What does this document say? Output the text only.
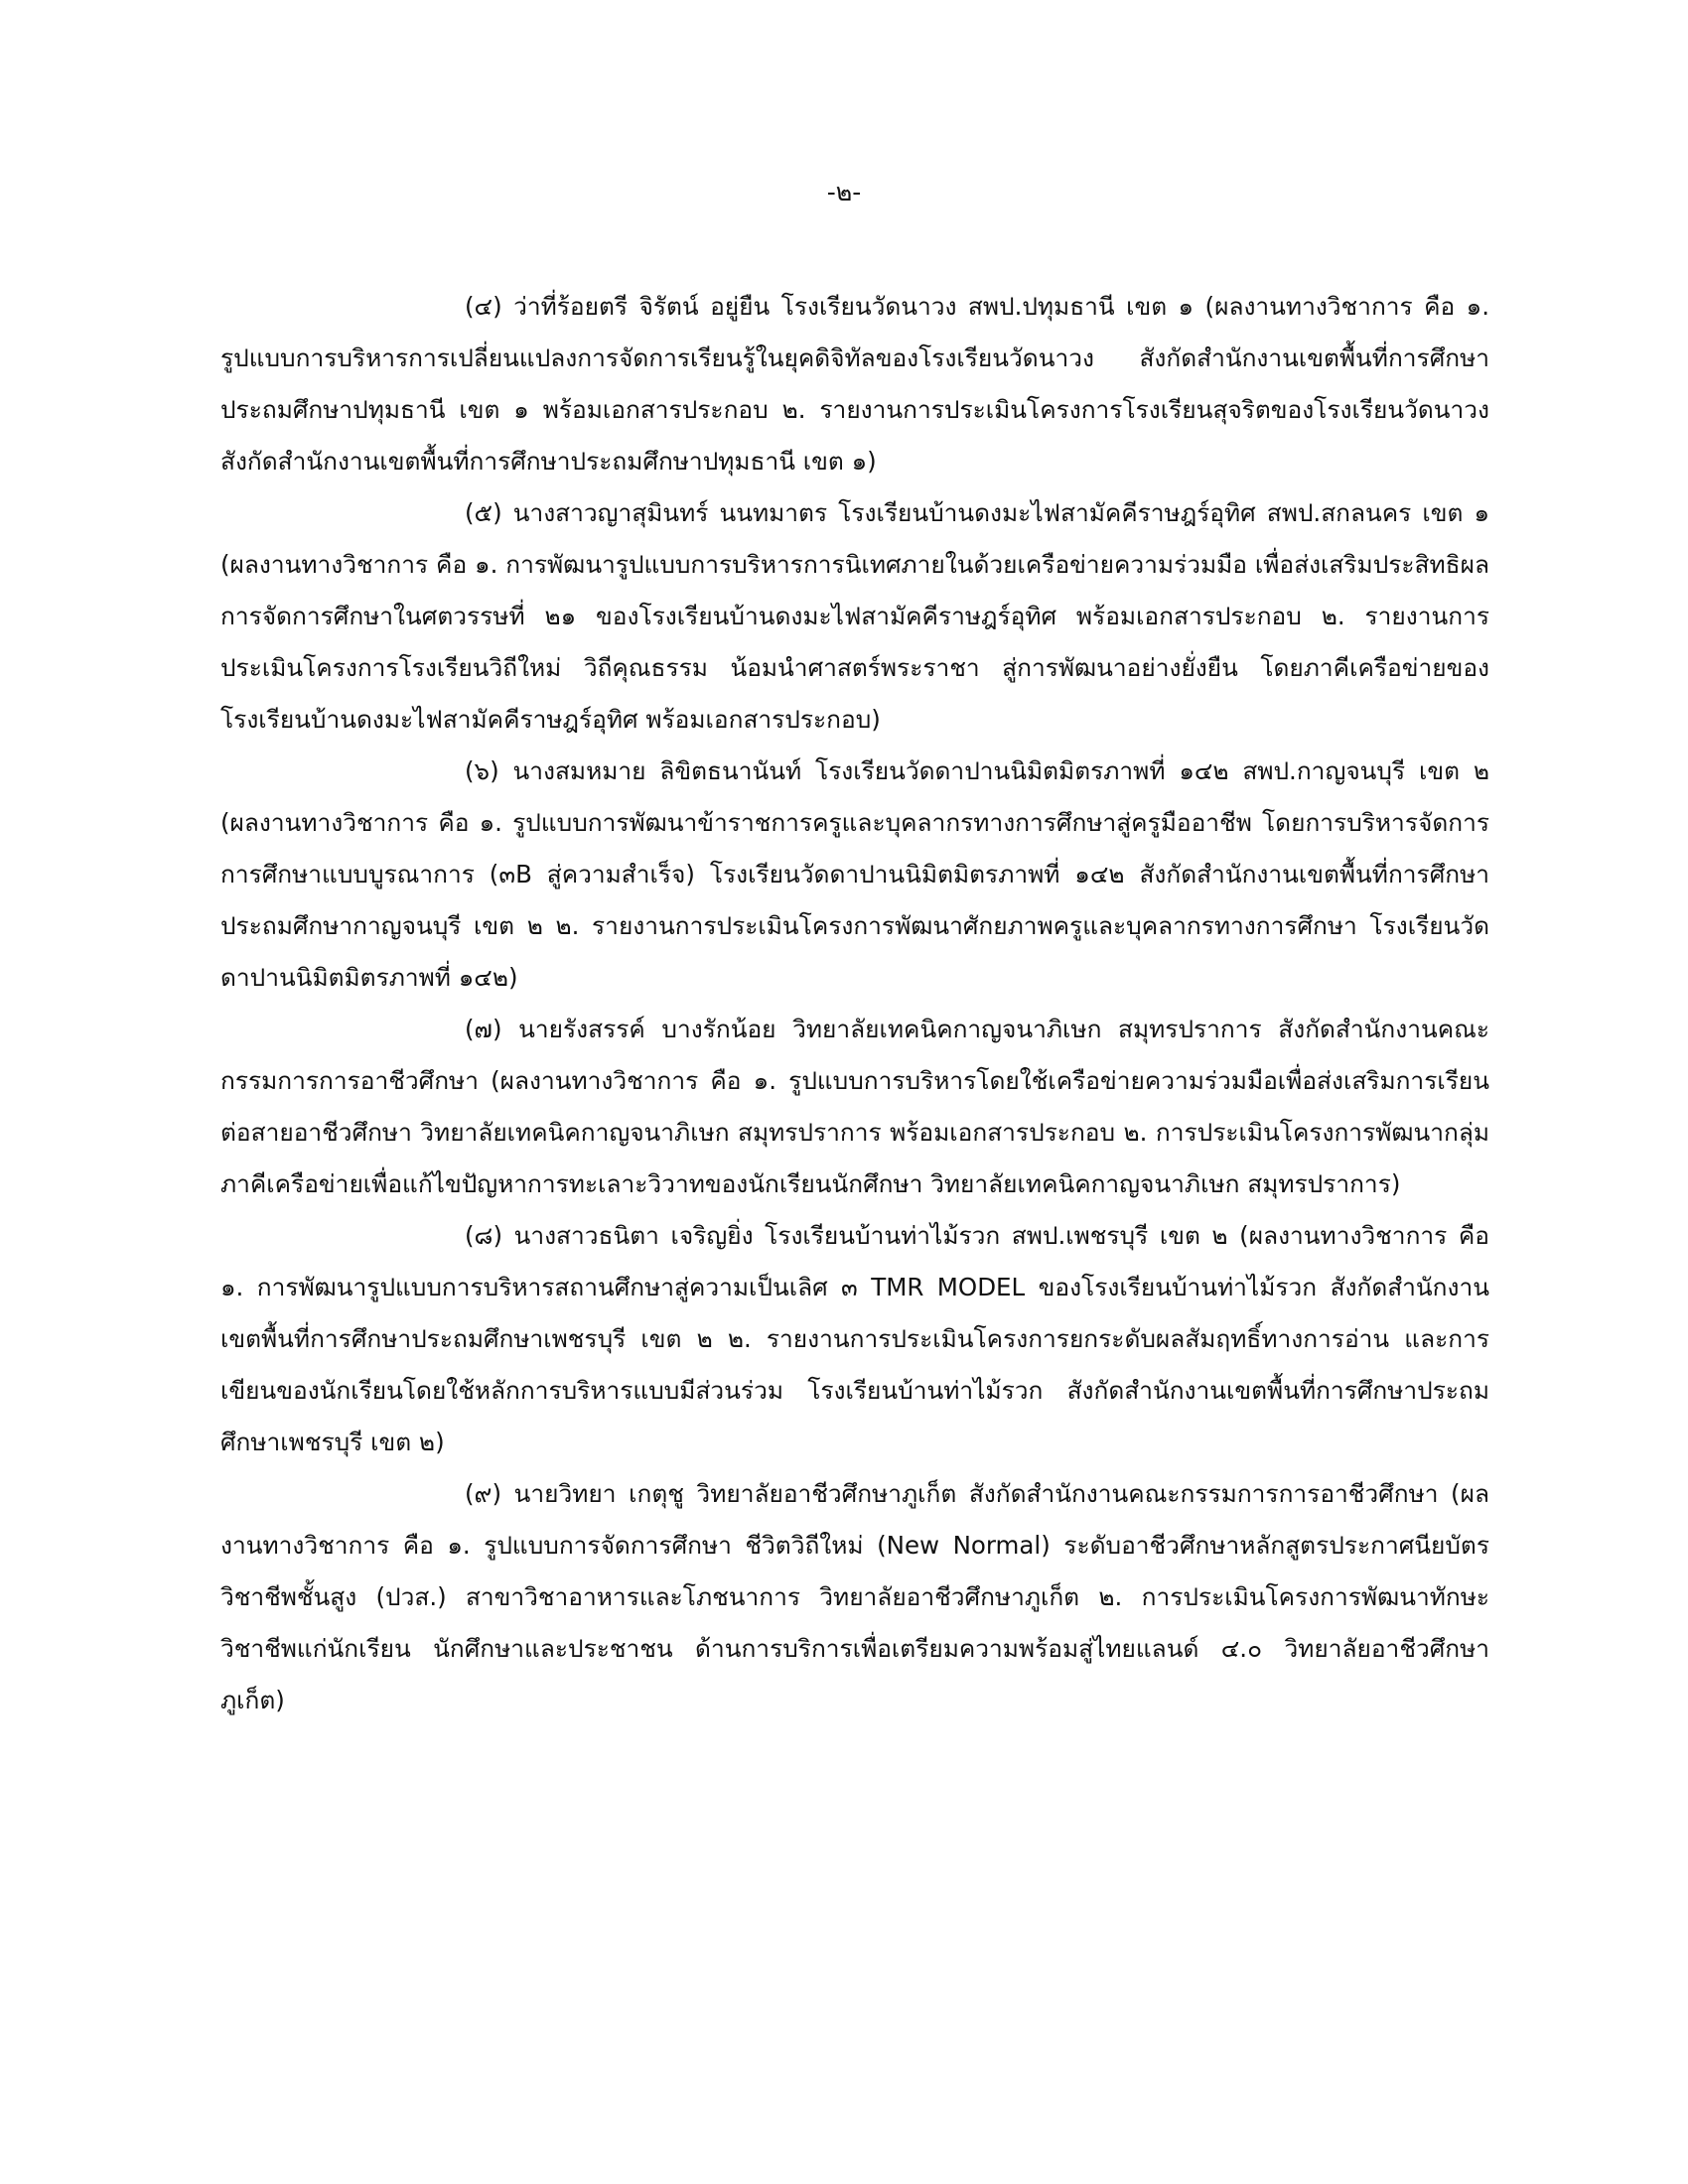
-๒-

(๔) ว่าที่ร้อยตรี จิรัตน์ อยู่ยืน โรงเรียนวัดนาวง สพป.ปทุมธานี เขต ๑ (ผลงานทางวิชาการ คือ ๑. รูปแบบการบริหารการเปลี่ยนแปลงการจัดการเรียนรู้ในยุคดิจิทัลของโรงเรียนวัดนาวง สังกัดสำนักงานเขตพื้นที่การศึกษาประถมศึกษาปทุมธานี เขต ๑ พร้อมเอกสารประกอบ ๒. รายงานการประเมินโครงการโรงเรียนสุจริตของโรงเรียนวัดนาวง สังกัดสำนักงานเขตพื้นที่การศึกษาประถมศึกษาปทุมธานี เขต ๑)

(๕) นางสาวญาสุมินทร์ นนทมาตร โรงเรียนบ้านดงมะไฟสามัคคีราษฎร์อุทิศ สพป.สกลนคร เขต ๑ (ผลงานทางวิชาการ คือ ๑. การพัฒนารูปแบบการบริหารการนิเทศภายในด้วยเครือข่ายความร่วมมือ เพื่อส่งเสริมประสิทธิผลการจัดการศึกษาในศตวรรษที่ ๒๑ ของโรงเรียนบ้านดงมะไฟสามัคคีราษฎร์อุทิศ พร้อมเอกสารประกอบ ๒. รายงานการประเมินโครงการโรงเรียนวิถีใหม่ วิถีคุณธรรม น้อมนำศาสตร์พระราชา สู่การพัฒนาอย่างยั่งยืน โดยภาคีเครือข่ายของโรงเรียนบ้านดงมะไฟสามัคคีราษฎร์อุทิศ พร้อมเอกสารประกอบ)

(๖) นางสมหมาย ลิขิตธนานันท์ โรงเรียนวัดดาปานนิมิตมิตรภาพที่ ๑๔๒ สพป.กาญจนบุรี เขต ๒ (ผลงานทางวิชาการ คือ ๑. รูปแบบการพัฒนาข้าราชการครูและบุคลากรทางการศึกษาสู่ครูมืออาชีพ โดยการบริหารจัดการการศึกษาแบบบูรณาการ (๓B สู่ความสำเร็จ) โรงเรียนวัดดาปานนิมิตมิตรภาพที่ ๑๔๒ สังกัดสำนักงานเขตพื้นที่การศึกษาประถมศึกษากาญจนบุรี เขต ๒ ๒. รายงานการประเมินโครงการพัฒนาศักยภาพครูและบุคลากรทางการศึกษา โรงเรียนวัดดาปานนิมิตมิตรภาพที่ ๑๔๒)

(๗) นายรังสรรค์ บางรักน้อย วิทยาลัยเทคนิคกาญจนาภิเษก สมุทรปราการ สังกัดสำนักงานคณะกรรมการการอาชีวศึกษา (ผลงานทางวิชาการ คือ ๑. รูปแบบการบริหารโดยใช้เครือข่ายความร่วมมือเพื่อส่งเสริมการเรียนต่อสายอาชีวศึกษา วิทยาลัยเทคนิคกาญจนาภิเษก สมุทรปราการ พร้อมเอกสารประกอบ ๒. การประเมินโครงการพัฒนากลุ่มภาคีเครือข่ายเพื่อแก้ไขปัญหาการทะเลาะวิวาทของนักเรียนนักศึกษา วิทยาลัยเทคนิคกาญจนาภิเษก สมุทรปราการ)

(๘) นางสาวธนิตา เจริญยิ่ง โรงเรียนบ้านท่าไม้รวก สพป.เพชรบุรี เขต ๒ (ผลงานทางวิชาการ คือ ๑. การพัฒนารูปแบบการบริหารสถานศึกษาสู่ความเป็นเลิศ ๓ TMR MODEL ของโรงเรียนบ้านท่าไม้รวก สังกัดสำนักงานเขตพื้นที่การศึกษาประถมศึกษาเพชรบุรี เขต ๒ ๒. รายงานการประเมินโครงการยกระดับผลสัมฤทธิ์ทางการอ่าน และการเขียนของนักเรียนโดยใช้หลักการบริหารแบบมีส่วนร่วม โรงเรียนบ้านท่าไม้รวก สังกัดสำนักงานเขตพื้นที่การศึกษาประถมศึกษาเพชรบุรี เขต ๒)

(๙) นายวิทยา เกตุชู วิทยาลัยอาชีวศึกษาภูเก็ต สังกัดสำนักงานคณะกรรมการการอาชีวศึกษา (ผลงานทางวิชาการ คือ ๑. รูปแบบการจัดการศึกษา ชีวิตวิถีใหม่ (New Normal) ระดับอาชีวศึกษาหลักสูตรประกาศนียบัตรวิชาชีพชั้นสูง (ปวส.) สาขาวิชาอาหารและโภชนาการ วิทยาลัยอาชีวศึกษาภูเก็ต ๒. การประเมินโครงการพัฒนาทักษะวิชาชีพแก่นักเรียน นักศึกษาและประชาชน ด้านการบริการเพื่อเตรียมความพร้อมสู่ไทยแลนด์ ๔.๐ วิทยาลัยอาชีวศึกษาภูเก็ต)
